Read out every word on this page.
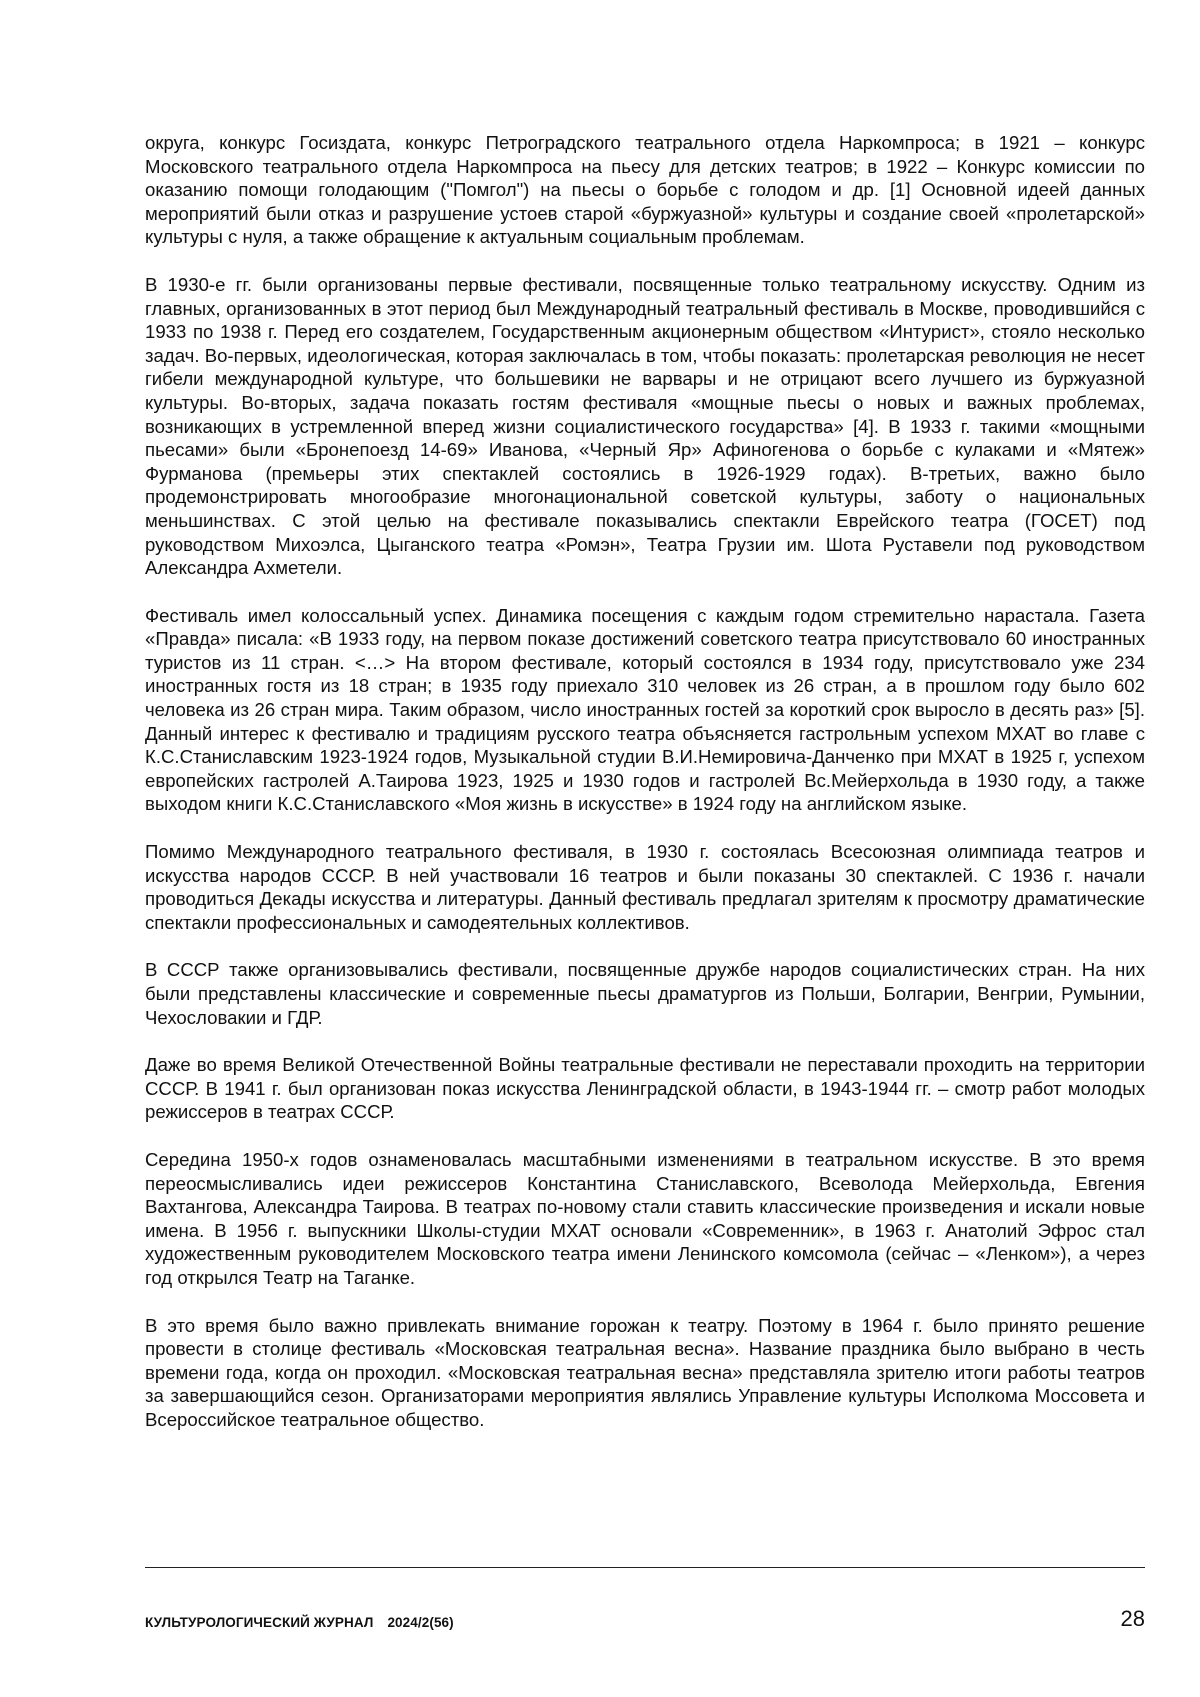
округа, конкурс Госиздата, конкурс Петроградского театрального отдела Наркомпроса; в 1921 – конкурс Московского театрального отдела Наркомпроса на пьесу для детских театров; в 1922 – Конкурс комиссии по оказанию помощи голодающим ("Помгол") на пьесы о борьбе с голодом и др. [1] Основной идеей данных мероприятий были отказ и разрушение устоев старой «буржуазной» культуры и создание своей «пролетарской» культуры с нуля, а также обращение к актуальным социальным проблемам.

В 1930-е гг. были организованы первые фестивали, посвященные только театральному искусству. Одним из главных, организованных в этот период был Международный театральный фестиваль в Москве, проводившийся с 1933 по 1938 г. Перед его создателем, Государственным акционерным обществом «Интурист», стояло несколько задач. Во-первых, идеологическая, которая заключалась в том, чтобы показать: пролетарская революция не несет гибели международной культуре, что большевики не варвары и не отрицают всего лучшего из буржуазной культуры. Во-вторых, задача показать гостям фестиваля «мощные пьесы о новых и важных проблемах, возникающих в устремленной вперед жизни социалистического государства» [4]. В 1933 г. такими «мощными пьесами» были «Бронепоезд 14-69» Иванова, «Черный Яр» Афиногенова о борьбе с кулаками и «Мятеж» Фурманова (премьеры этих спектаклей состоялись в 1926-1929 годах). В-третьих, важно было продемонстрировать многообразие многонациональной советской культуры, заботу о национальных меньшинствах. С этой целью на фестивале показывались спектакли Еврейского театра (ГОСЕТ) под руководством Михоэлса, Цыганского театра «Ромэн», Театра Грузии им. Шота Руставели под руководством Александра Ахметели.

Фестиваль имел колоссальный успех. Динамика посещения с каждым годом стремительно нарастала. Газета «Правда» писала: «В 1933 году, на первом показе достижений советского театра присутствовало 60 иностранных туристов из 11 стран. <…> На втором фестивале, который состоялся в 1934 году, присутствовало уже 234 иностранных гостя из 18 стран; в 1935 году приехало 310 человек из 26 стран, а в прошлом году было 602 человека из 26 стран мира. Таким образом, число иностранных гостей за короткий срок выросло в десять раз» [5]. Данный интерес к фестивалю и традициям русского театра объясняется гастрольным успехом МХАТ во главе с К.С.Станиславским 1923-1924 годов, Музыкальной студии В.И.Немировича-Данченко при МХАТ в 1925 г, успехом европейских гастролей А.Таирова 1923, 1925 и 1930 годов и гастролей Вс.Мейерхольда в 1930 году, а также выходом книги К.С.Станиславского «Моя жизнь в искусстве» в 1924 году на английском языке.

Помимо Международного театрального фестиваля, в 1930 г. состоялась Всесоюзная олимпиада театров и искусства народов СССР. В ней участвовали 16 театров и были показаны 30 спектаклей. С 1936 г. начали проводиться Декады искусства и литературы. Данный фестиваль предлагал зрителям к просмотру драматические спектакли профессиональных и самодеятельных коллективов.

В СССР также организовывались фестивали, посвященные дружбе народов социалистических стран. На них были представлены классические и современные пьесы драматургов из Польши, Болгарии, Венгрии, Румынии, Чехословакии и ГДР.

Даже во время Великой Отечественной Войны театральные фестивали не переставали проходить на территории СССР. В 1941 г. был организован показ искусства Ленинградской области, в 1943-1944 гг. – смотр работ молодых режиссеров в театрах СССР.

Середина 1950-х годов ознаменовалась масштабными изменениями в театральном искусстве. В это время переосмысливались идеи режиссеров Константина Станиславского, Всеволода Мейерхольда, Евгения Вахтангова, Александра Таирова. В театрах по-новому стали ставить классические произведения и искали новые имена. В 1956 г. выпускники Школы-студии МХАТ основали «Современник», в 1963 г. Анатолий Эфрос стал художественным руководителем Московского театра имени Ленинского комсомола (сейчас – «Ленком»), а через год открылся Театр на Таганке.

В это время было важно привлекать внимание горожан к театру. Поэтому в 1964 г. было принято решение провести в столице фестиваль «Московская театральная весна». Название праздника было выбрано в честь времени года, когда он проходил. «Московская театральная весна» представляла зрителю итоги работы театров за завершающийся сезон. Организаторами мероприятия являлись Управление культуры Исполкома Моссовета и Всероссийское театральное общество.

КУЛЬТУРОЛОГИЧЕСКИЙ ЖУРНАЛ 2024/2(56)	28
